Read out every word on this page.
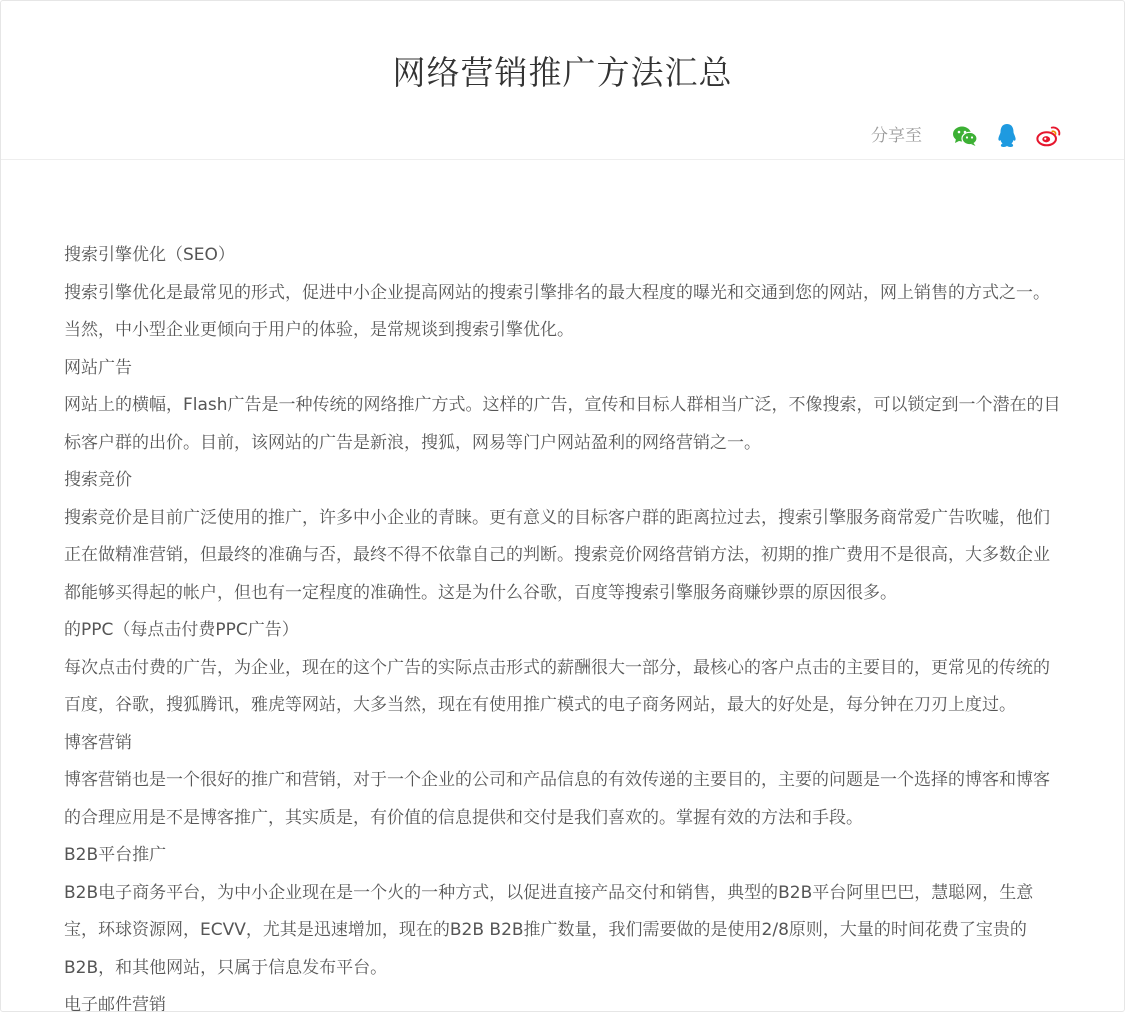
网络营销推广方法汇总
分享至

搜索引擎优化（SEO）

搜索引擎优化是最常见的形式，促进中小企业提高网站的搜索引擎排名的最大程度的曝光和交通到您的网站，网上销售的方式之一。当然，中小型企业更倾向于用户的体验，是常规谈到搜索引擎优化。

网站广告

网站上的横幅，Flash广告是一种传统的网络推广方式。这样的广告，宣传和目标人群相当广泛，不像搜索，可以锁定到一个潜在的目标客户群的出价。目前，该网站的广告是新浪，搜狐，网易等门户网站盈利的网络营销之一。

搜索竞价

搜索竞价是目前广泛使用的推广，许多中小企业的青睐。更有意义的目标客户群的距离拉过去，搜索引擎服务商常爱广告吹嘘，他们正在做精准营销，但最终的准确与否，最终不得不依靠自己的判断。搜索竞价网络营销方法，初期的推广费用不是很高，大多数企业都能够买得起的帐户，但也有一定程度的准确性。这是为什么谷歌，百度等搜索引擎服务商赚钞票的原因很多。

的PPC（每点击付费PPC广告）

每次点击付费的广告，为企业，现在的这个广告的实际点击形式的薪酬很大一部分，最核心的客户点击的主要目的，更常见的传统的百度，谷歌，搜狐腾讯，雅虎等网站，大多当然，现在有使用推广模式的电子商务网站，最大的好处是，每分钟在刀刃上度过。

博客营销

博客营销也是一个很好的推广和营销，对于一个企业的公司和产品信息的有效传递的主要目的，主要的问题是一个选择的博客和博客的合理应用是不是博客推广，其实质是，有价值的信息提供和交付是我们喜欢的。掌握有效的方法和手段。

B2B平台推广

B2B电子商务平台，为中小企业现在是一个火的一种方式，以促进直接产品交付和销售，典型的B2B平台阿里巴巴，慧聪网，生意宝，环球资源网，ECVV，尤其是迅速增加，现在的B2B B2B推广数量，我们需要做的是使用2/8原则，大量的时间花费了宝贵的B2B，和其他网站，只属于信息发布平台。

电子邮件营销
